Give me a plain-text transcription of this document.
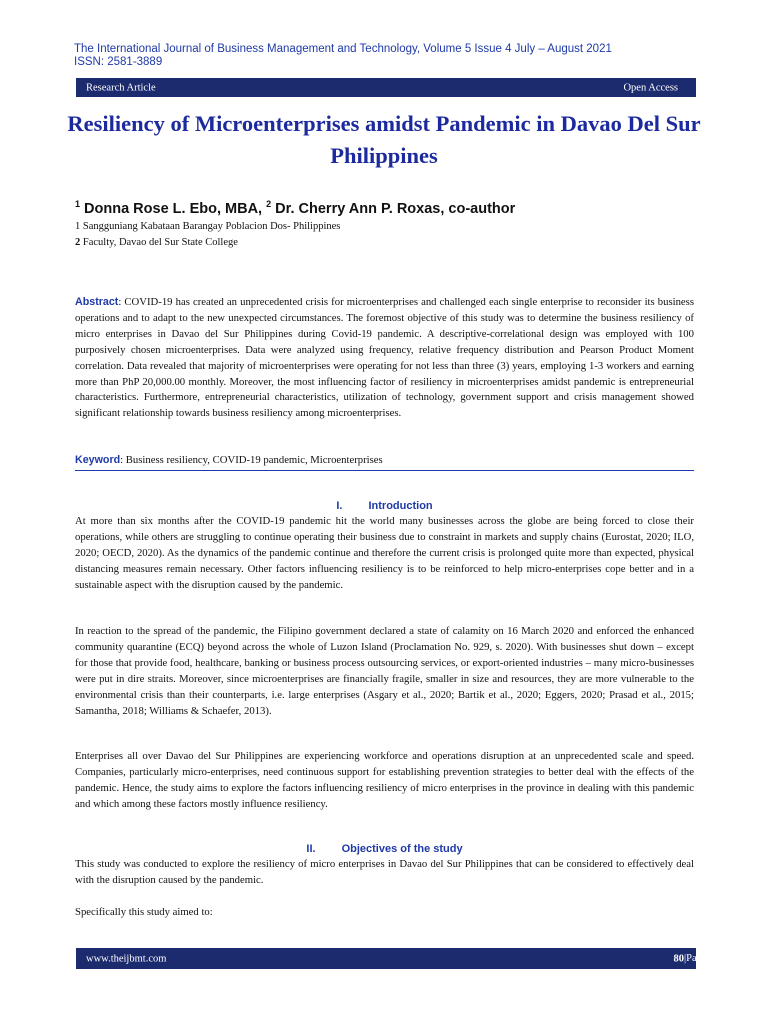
The International Journal of Business Management and Technology, Volume 5 Issue 4 July – August 2021
ISSN: 2581-3889
Research Article	Open Access
Resiliency of Microenterprises amidst Pandemic in Davao Del Sur Philippines
$^1$ Donna Rose L. Ebo, MBA, $^2$ Dr. Cherry Ann P. Roxas, co-author
1 Sangguniang Kabataan Barangay Poblacion Dos- Philippines
2 Faculty, Davao del Sur State College
Abstract: COVID-19 has created an unprecedented crisis for microenterprises and challenged each single enterprise to reconsider its business operations and to adapt to the new unexpected circumstances. The foremost objective of this study was to determine the business resiliency of micro enterprises in Davao del Sur Philippines during Covid-19 pandemic. A descriptive-correlational design was employed with 100 purposively chosen microenterprises. Data were analyzed using frequency, relative frequency distribution and Pearson Product Moment correlation. Data revealed that majority of microenterprises were operating for not less than three (3) years, employing 1-3 workers and earning more than PhP 20,000.00 monthly. Moreover, the most influencing factor of resiliency in microenterprises amidst pandemic is entrepreneurial characteristics. Furthermore, entrepreneurial characteristics, utilization of technology, government support and crisis management showed significant relationship towards business resiliency among microenterprises.
Keyword: Business resiliency, COVID-19 pandemic, Microenterprises
I. Introduction
At more than six months after the COVID-19 pandemic hit the world many businesses across the globe are being forced to close their operations, while others are struggling to continue operating their business due to constraint in markets and supply chains (Eurostat, 2020; ILO, 2020; OECD, 2020). As the dynamics of the pandemic continue and therefore the current crisis is prolonged quite more than expected, physical distancing measures remain necessary. Other factors influencing resiliency is to be reinforced to help micro-enterprises cope better and in a sustainable aspect with the disruption caused by the pandemic.
In reaction to the spread of the pandemic, the Filipino government declared a state of calamity on 16 March 2020 and enforced the enhanced community quarantine (ECQ) beyond across the whole of Luzon Island (Proclamation No. 929, s. 2020). With businesses shut down – except for those that provide food, healthcare, banking or business process outsourcing services, or export-oriented industries – many micro-businesses were put in dire straits. Moreover, since microenterprises are financially fragile, smaller in size and resources, they are more vulnerable to the environmental crisis than their counterparts, i.e. large enterprises (Asgary et al., 2020; Bartik et al., 2020; Eggers, 2020; Prasad et al., 2015; Samantha, 2018; Williams & Schaefer, 2013).
Enterprises all over Davao del Sur Philippines are experiencing workforce and operations disruption at an unprecedented scale and speed. Companies, particularly micro-enterprises, need continuous support for establishing prevention strategies to better deal with the effects of the pandemic. Hence, the study aims to explore the factors influencing resiliency of micro enterprises in the province in dealing with this pandemic and which among these factors mostly influence resiliency.
II. Objectives of the study
This study was conducted to explore the resiliency of micro enterprises in Davao del Sur Philippines that can be considered to effectively deal with the disruption caused by the pandemic.
Specifically this study aimed to:
www.theijbmt.com	80 |Page
